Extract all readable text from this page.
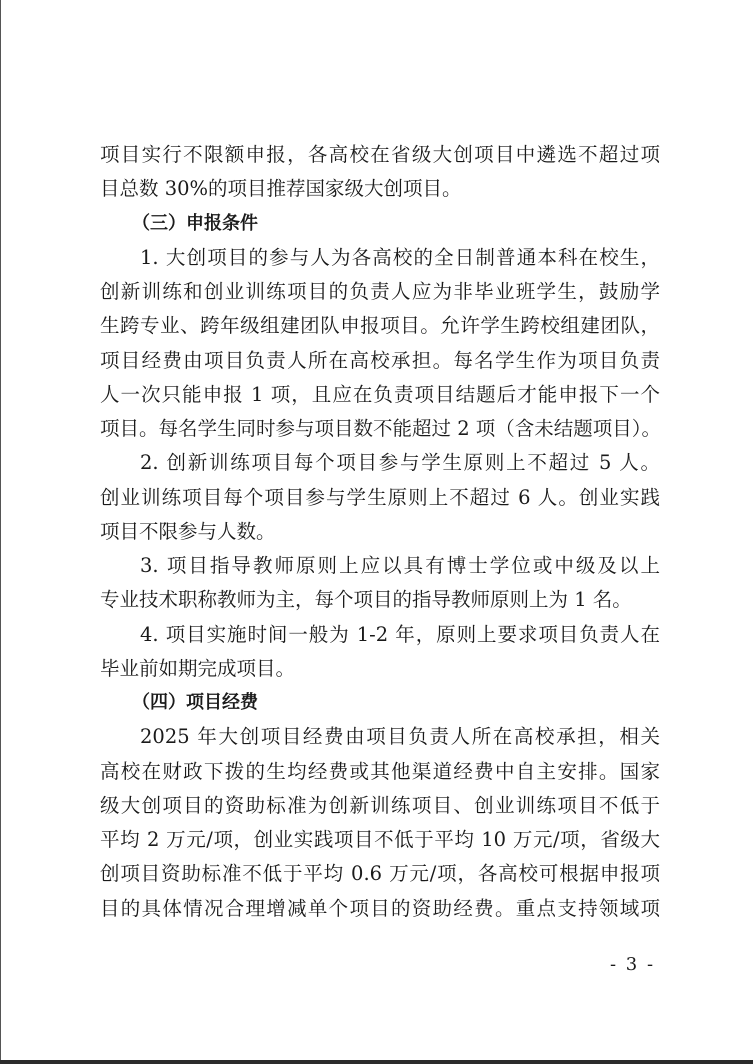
项目实行不限额申报，各高校在省级大创项目中遴选不超过项
目总数 30%的项目推荐国家级大创项目。
（三）申报条件
1. 大创项目的参与人为各高校的全日制普通本科在校生，
创新训练和创业训练项目的负责人应为非毕业班学生，鼓励学
生跨专业、跨年级组建团队申报项目。允许学生跨校组建团队，
项目经费由项目负责人所在高校承担。每名学生作为项目负责
人一次只能申报 1 项，且应在负责项目结题后才能申报下一个
项目。每名学生同时参与项目数不能超过 2 项（含未结题项目）。
2. 创新训练项目每个项目参与学生原则上不超过 5 人。
创业训练项目每个项目参与学生原则上不超过 6 人。创业实践
项目不限参与人数。
3. 项目指导教师原则上应以具有博士学位或中级及以上
专业技术职称教师为主，每个项目的指导教师原则上为 1 名。
4. 项目实施时间一般为 1-2 年，原则上要求项目负责人在
毕业前如期完成项目。
（四）项目经费
2025 年大创项目经费由项目负责人所在高校承担，相关
高校在财政下拨的生均经费或其他渠道经费中自主安排。国家
级大创项目的资助标准为创新训练项目、创业训练项目不低于
平均 2 万元/项，创业实践项目不低于平均 10 万元/项，省级大
创项目资助标准不低于平均 0.6 万元/项，各高校可根据申报项
目的具体情况合理增减单个项目的资助经费。重点支持领域项
- 3 -
